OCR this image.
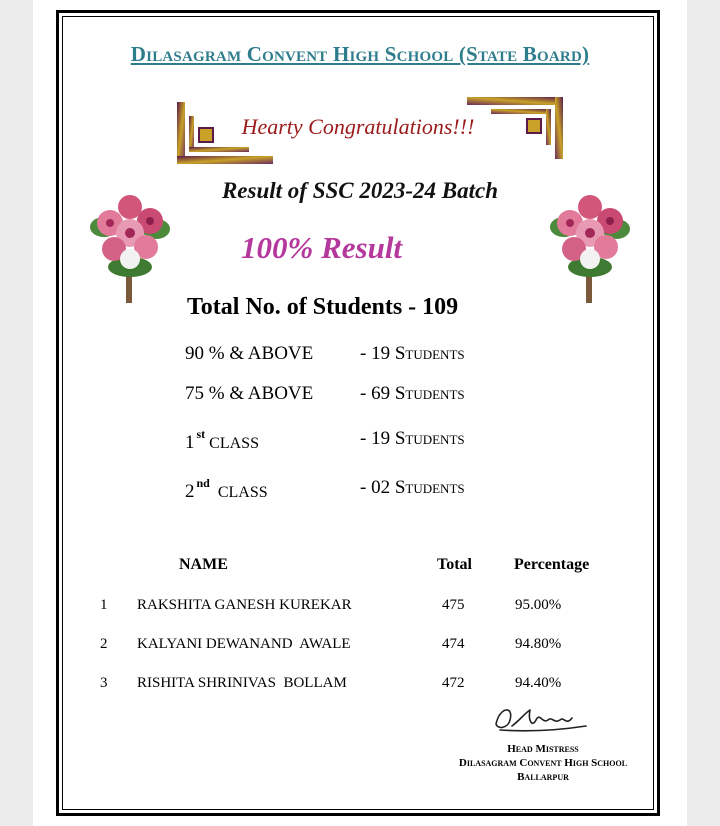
Dilasagram Convent High School (State Board)
Hearty Congratulations!!!
Result of SSC 2023-24 Batch
100% Result
Total No. of Students - 109
90 % & ABOVE - 19 Students
75 % & ABOVE - 69 Students
1 $^{st}$CLASS	- 19 Students
2 $^{nd}$CLASS	- 02 Students
NAME	Total	Percentage
1 RAKSHITA GANESH KUREKAR	475	95.00%
2 KALYANI DEWANAND  AWALE	474	94.80%
3 RISHITA SHRINIVAS  BOLLAM	472	94.40%
Head Mistress
Dilasagram Convent High School
Ballarpur
